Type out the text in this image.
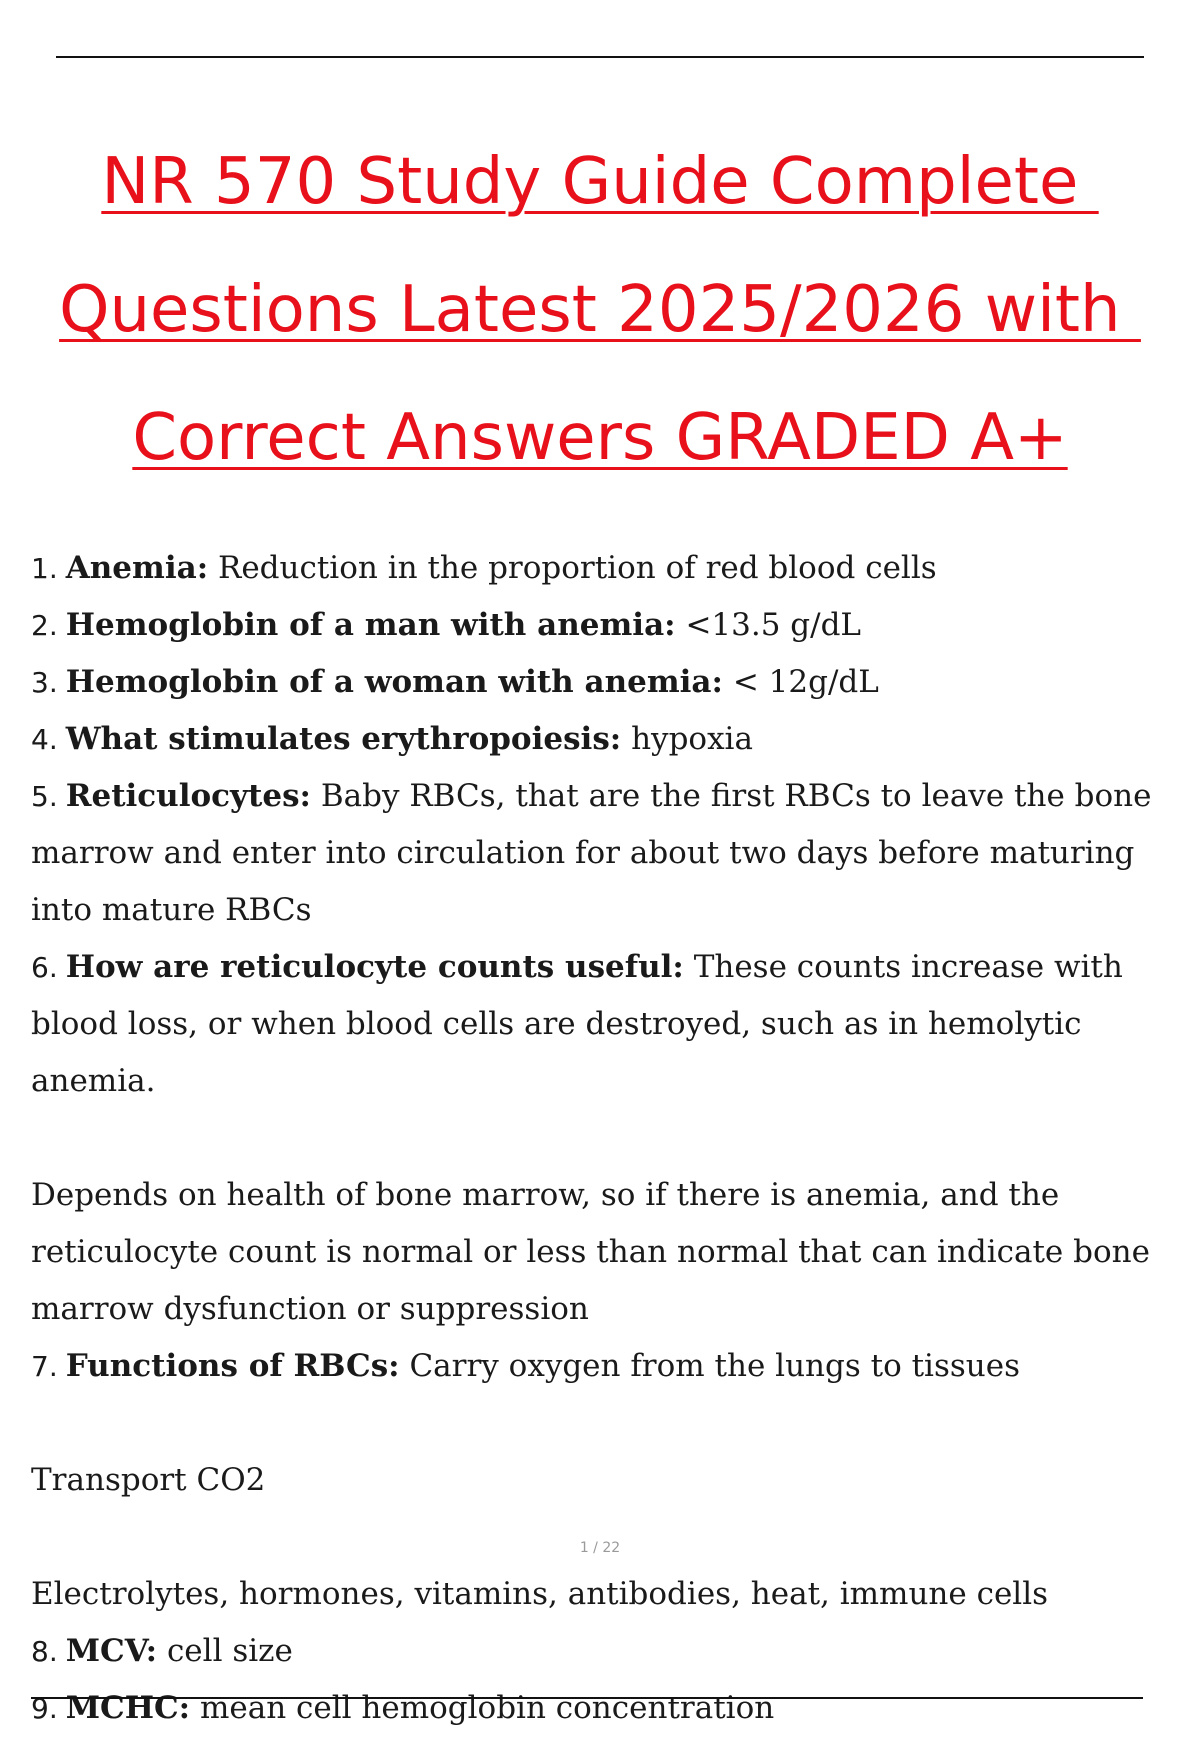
NR 570 Study Guide Complete
Questions Latest 2025/2026 with
Correct Answers GRADED A+

1. Anemia: Reduction in the proportion of red blood cells

2. Hemoglobin of a man with anemia: <13.5 g/dL

3. Hemoglobin of a woman with anemia: < 12g/dL

4. What stimulates erythropoiesis: hypoxia

5. Reticulocytes: Baby RBCs, that are the first RBCs to leave the bone marrow and enter into circulation for about two days before maturing into mature RBCs

6. How are reticulocyte counts useful: These counts increase with blood loss, or when blood cells are destroyed, such as in hemolytic anemia.

Depends on health of bone marrow, so if there is anemia, and the reticulocyte count is normal or less than normal that can indicate bone marrow dysfunction or suppression

7. Functions of RBCs: Carry oxygen from the lungs to tissues

Transport CO2

Electrolytes, hormones, vitamins, antibodies, heat, immune cells

8. MCV: cell size

9. MCHC: mean cell hemoglobin concentration

1 / 22
